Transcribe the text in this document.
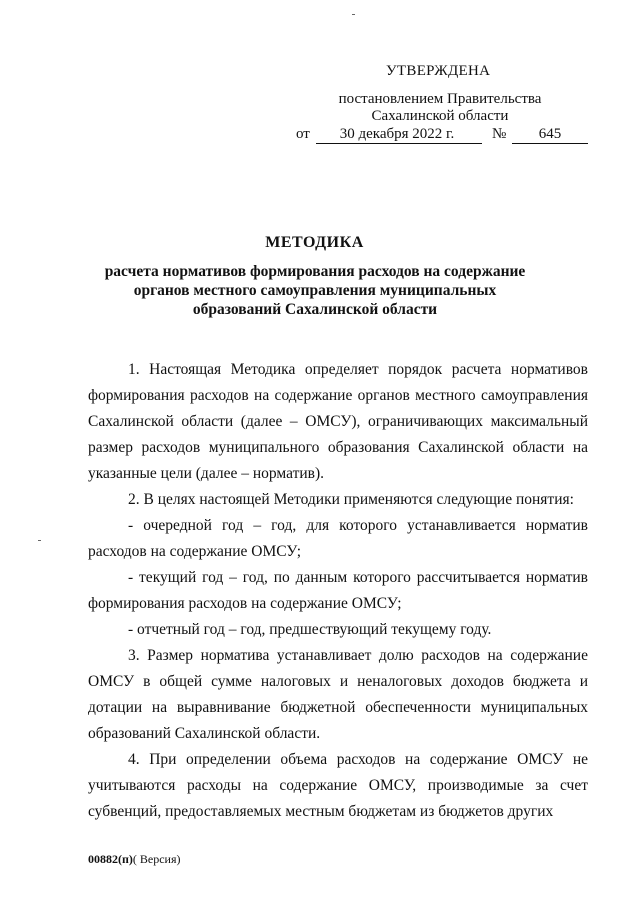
УТВЕРЖДЕНА
постановлением Правительства
Сахалинской области
от	30 декабря 2022 г.	№	645
МЕТОДИКА
расчета нормативов формирования расходов на содержание органов местного самоуправления муниципальных образований Сахалинской области

1. Настоящая Методика определяет порядок расчета нормативов формирования расходов на содержание органов местного самоуправления Сахалинской области (далее – ОМСУ), ограничивающих максимальный размер расходов муниципального образования Сахалинской области на указанные цели (далее – норматив).

2. В целях настоящей Методики применяются следующие понятия:

- очередной год – год, для которого устанавливается норматив расходов на содержание ОМСУ;

- текущий год – год, по данным которого рассчитывается норматив формирования расходов на содержание ОМСУ;

- отчетный год – год, предшествующий текущему году.

3. Размер норматива устанавливает долю расходов на содержание ОМСУ в общей сумме налоговых и неналоговых доходов бюджета и дотации на выравнивание бюджетной обеспеченности муниципальных образований Сахалинской области.

4. При определении объема расходов на содержание ОМСУ не учитываются расходы на содержание ОМСУ, производимые за счет субвенций, предоставляемых местным бюджетам из бюджетов других

00882(п)( Версия)
